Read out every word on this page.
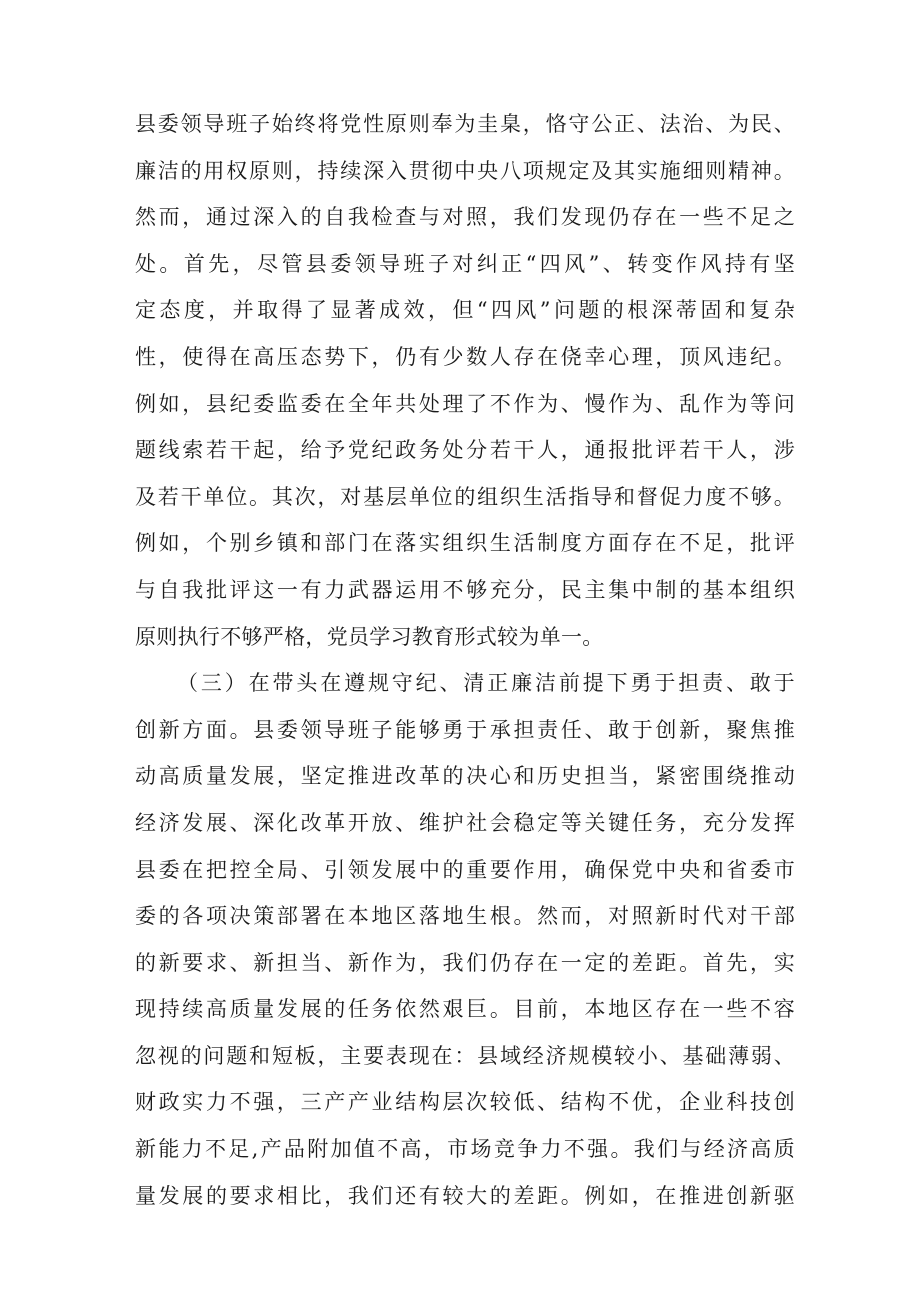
县委领导班子始终将党性原则奉为圭臬，恪守公正、法治、为民、
廉洁的用权原则，持续深入贯彻中央八项规定及其实施细则精神。
然而，通过深入的自我检查与对照，我们发现仍存在一些不足之
处。首先，尽管县委领导班子对纠正“四风”、转变作风持有坚
定态度，并取得了显著成效，但“四风”问题的根深蒂固和复杂
性，使得在高压态势下，仍有少数人存在侥幸心理，顶风违纪。
例如，县纪委监委在全年共处理了不作为、慢作为、乱作为等问
题线索若干起，给予党纪政务处分若干人，通报批评若干人，涉
及若干单位。其次，对基层单位的组织生活指导和督促力度不够。
例如，个别乡镇和部门在落实组织生活制度方面存在不足，批评
与自我批评这一有力武器运用不够充分，民主集中制的基本组织
原则执行不够严格，党员学习教育形式较为单一。
（三）在带头在遵规守纪、清正廉洁前提下勇于担责、敢于
创新方面。县委领导班子能够勇于承担责任、敢于创新，聚焦推
动高质量发展，坚定推进改革的决心和历史担当，紧密围绕推动
经济发展、深化改革开放、维护社会稳定等关键任务，充分发挥
县委在把控全局、引领发展中的重要作用，确保党中央和省委市
委的各项决策部署在本地区落地生根。然而，对照新时代对干部
的新要求、新担当、新作为，我们仍存在一定的差距。首先，实
现持续高质量发展的任务依然艰巨。目前，本地区存在一些不容
忽视的问题和短板，主要表现在：县域经济规模较小、基础薄弱、
财政实力不强，三产产业结构层次较低、结构不优，企业科技创
新能力不足,产品附加值不高，市场竞争力不强。我们与经济高质
量发展的要求相比，我们还有较大的差距。例如，在推进创新驱
